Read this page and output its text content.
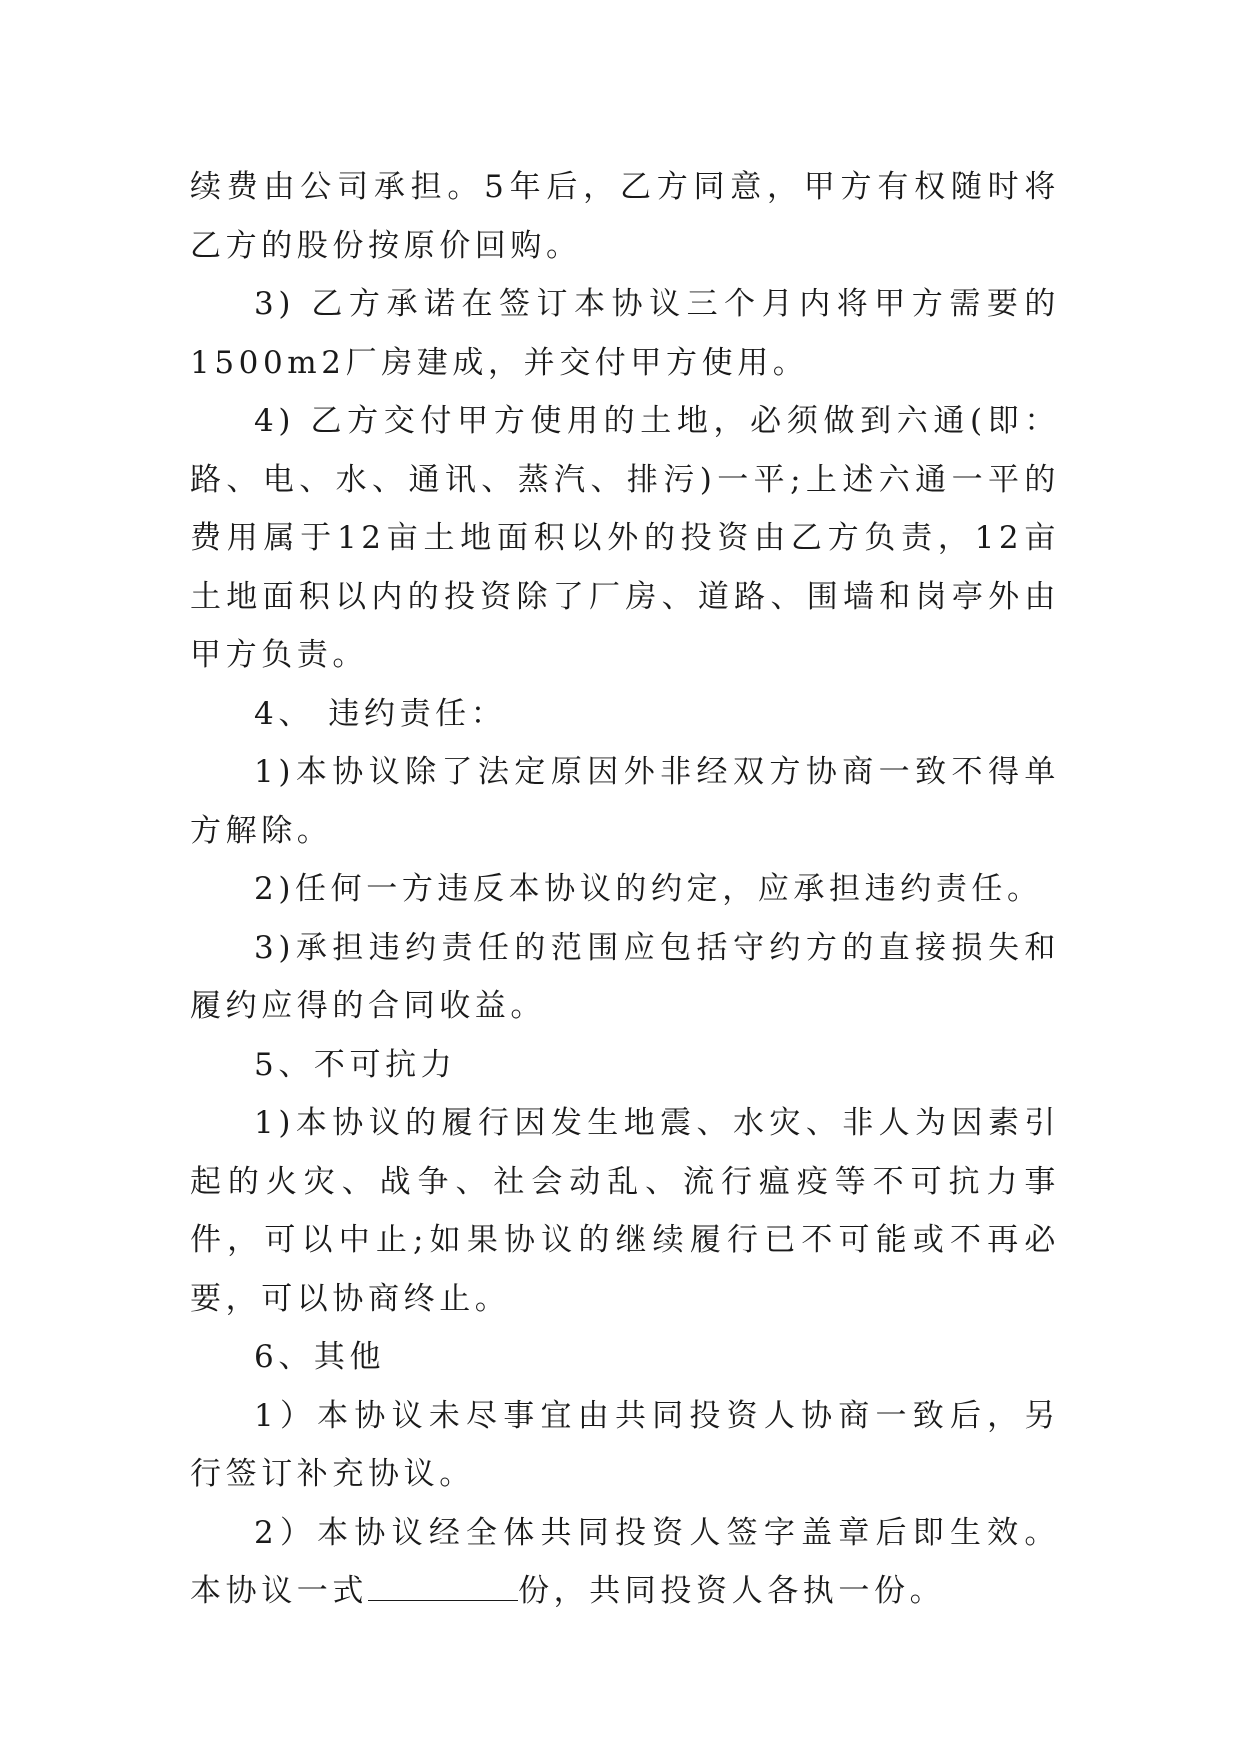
续费由公司承担。5年后，乙方同意，甲方有权随时将乙方的股份按原价回购。

3) 乙方承诺在签订本协议三个月内将甲方需要的1500m2厂房建成，并交付甲方使用。

4) 乙方交付甲方使用的土地，必须做到六通(即：路、电、水、通讯、蒸汽、排污)一平;上述六通一平的费用属于12亩土地面积以外的投资由乙方负责，12亩土地面积以内的投资除了厂房、道路、围墙和岗亭外由甲方负责。

4、 违约责任：

1)本协议除了法定原因外非经双方协商一致不得单方解除。

2)任何一方违反本协议的约定，应承担违约责任。

3)承担违约责任的范围应包括守约方的直接损失和履约应得的合同收益。

5、不可抗力

1)本协议的履行因发生地震、水灾、非人为因素引起的火灾、战争、社会动乱、流行瘟疫等不可抗力事件，可以中止;如果协议的继续履行已不可能或不再必要，可以协商终止。

6、其他

1）本协议未尽事宜由共同投资人协商一致后，另行签订补充协议。

2）本协议经全体共同投资人签字盖章后即生效。本协议一式	份，共同投资人各执一份。
